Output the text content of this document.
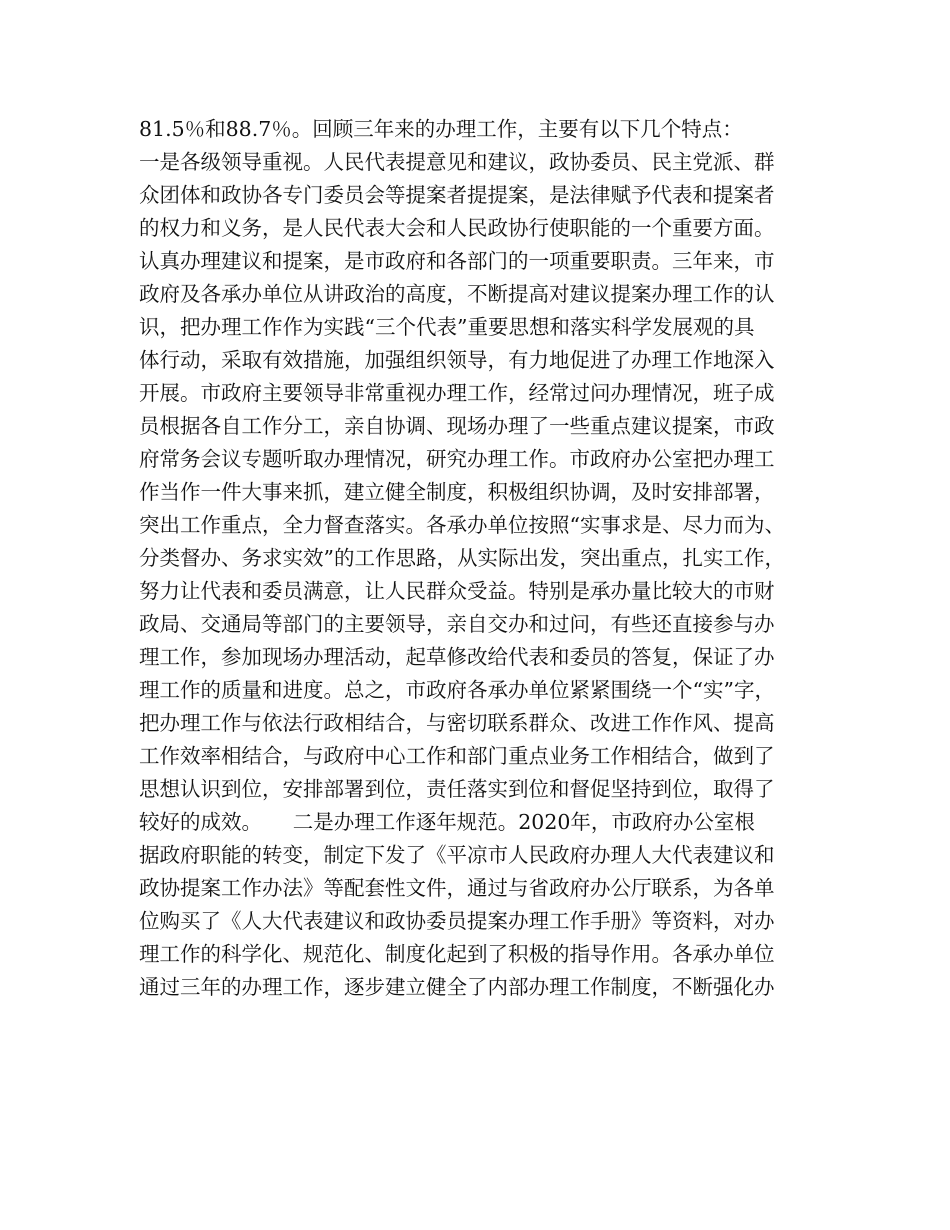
81.5％和88.7％。回顾三年来的办理工作，主要有以下几个特点：
一是各级领导重视。人民代表提意见和建议，政协委员、民主党派、群
众团体和政协各专门委员会等提案者提提案，是法律赋予代表和提案者
的权力和义务，是人民代表大会和人民政协行使职能的一个重要方面。
认真办理建议和提案，是市政府和各部门的一项重要职责。三年来，市
政府及各承办单位从讲政治的高度，不断提高对建议提案办理工作的认
识，把办理工作作为实践“三个代表”重要思想和落实科学发展观的具
体行动，采取有效措施，加强组织领导，有力地促进了办理工作地深入
开展。市政府主要领导非常重视办理工作，经常过问办理情况，班子成
员根据各自工作分工，亲自协调、现场办理了一些重点建议提案，市政
府常务会议专题听取办理情况，研究办理工作。市政府办公室把办理工
作当作一件大事来抓，建立健全制度，积极组织协调，及时安排部署，
突出工作重点，全力督查落实。各承办单位按照“实事求是、尽力而为、
分类督办、务求实效”的工作思路，从实际出发，突出重点，扎实工作，
努力让代表和委员满意，让人民群众受益。特别是承办量比较大的市财
政局、交通局等部门的主要领导，亲自交办和过问，有些还直接参与办
理工作，参加现场办理活动，起草修改给代表和委员的答复，保证了办
理工作的质量和进度。总之，市政府各承办单位紧紧围绕一个“实”字，
把办理工作与依法行政相结合，与密切联系群众、改进工作作风、提高
工作效率相结合，与政府中心工作和部门重点业务工作相结合，做到了
思想认识到位，安排部署到位，责任落实到位和督促坚持到位，取得了
较好的成效。　　二是办理工作逐年规范。2020年，市政府办公室根
据政府职能的转变，制定下发了《平凉市人民政府办理人大代表建议和
政协提案工作办法》等配套性文件，通过与省政府办公厅联系，为各单
位购买了《人大代表建议和政协委员提案办理工作手册》等资料，对办
理工作的科学化、规范化、制度化起到了积极的指导作用。各承办单位
通过三年的办理工作，逐步建立健全了内部办理工作制度，不断强化办
